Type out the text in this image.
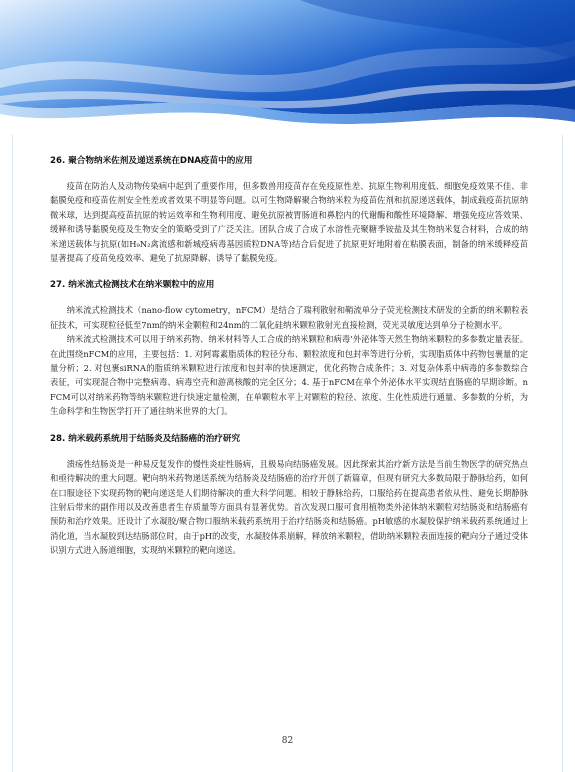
26. 聚合物纳米佐剂及递送系统在DNA疫苗中的应用

疫苗在防治人及动物传染病中起到了重要作用，但多数兽用疫苗存在免疫原性差、抗原生物利用度低、细胞免疫效果不佳、非黏膜免疫和疫苗佐剂安全性差或者效果不明显等问题。以可生物降解聚合物纳米粒为疫苗佐剂和抗原递送载体，制成载疫苗抗原纳微米球，达到提高疫苗抗原的转运效率和生物利用度、避免抗原被胃肠道和鼻腔内的代谢酶和酸性环境降解、增强免疫应答效果、缓释和诱导黏膜免疫及生物安全的策略受到了广泛关注。团队合成了合成了水溶性壳聚糖季铵盐及其生物纳米复合材料，合成的纳米递送载体与抗原(如H₉N₂禽流感和新城疫病毒基因质粒DNA等)结合后促进了抗原更好地附着在粘膜表面，制备的纳米缓释疫苗显著提高了疫苗免疫效率、避免了抗原降解、诱导了黏膜免疫。

27. 纳米流式检测技术在纳米颗粒中的应用

纳米流式检测技术（nano-flow cytometry，nFCM）是结合了瑞利散射和鞘流单分子荧光检测技术研发的全新的纳米颗粒表征技术，可实现粒径低至7nm的纳米金颗粒和24nm的二氧化硅纳米颗粒散射光直接检测，荧光灵敏度达到单分子检测水平。

纳米流式检测技术可以用于纳米药物、纳米材料等人工合成的纳米颗粒和病毒’外泌体等天然生物纳米颗粒的多参数定量表征。在此围绕nFCM的应用，主要包括：1. 对阿霉素脂质体的粒径分布、颗粒浓度和包封率等进行分析，实现脂质体中药物包裹量的定量分析；2. 对包裹siRNA的脂质纳米颗粒进行浓度和包封率的快速测定，优化药物合成条件；3. 对复杂体系中病毒的多参数综合表征，可实现混合物中完整病毒、病毒空壳和游离核酸的完全区分；4. 基于nFCM在单个外泌体水平实现结直肠癌的早期诊断。nFCM可以对纳米药物等纳米颗粒进行快速定量检测，在单颗粒水平上对颗粒的粒径、浓度、生化性质进行通量、多参数的分析，为生命科学和生物医学打开了通往纳米世界的大门。

28. 纳米载药系统用于结肠炎及结肠癌的治疗研究

溃疡性结肠炎是一种易反复发作的慢性炎症性肠病，且极易向结肠癌发展。因此探索其治疗新方法是当前生物医学的研究热点和亟待解决的重大问题。靶向纳米药物递送系统为结肠炎及结肠癌的治疗开创了新篇章，但现有研究大多数局限于静脉给药，如何在口服途径下实现药物的靶向递送是人们期待解决的重大科学问题。相较于静脉给药，口服给药在提高患者依从性、避免长期静脉注射后带来的副作用以及改善患者生存质量等方面具有显著优势。首次发现口服可食用植物类外泌体纳米颗粒对结肠炎和结肠癌有预防和治疗效果。还设计了水凝胶/聚合物口服纳米载药系统用于治疗结肠炎和结肠癌。pH敏感的水凝胶保护纳米载药系统通过上消化道，当水凝胶到达结肠部位时，由于pH的改变，水凝胶体系崩解，释放纳米颗粒，借助纳米颗粒表面连接的靶向分子通过受体识别方式进入肠道细胞，实现纳米颗粒的靶向递送。

82
